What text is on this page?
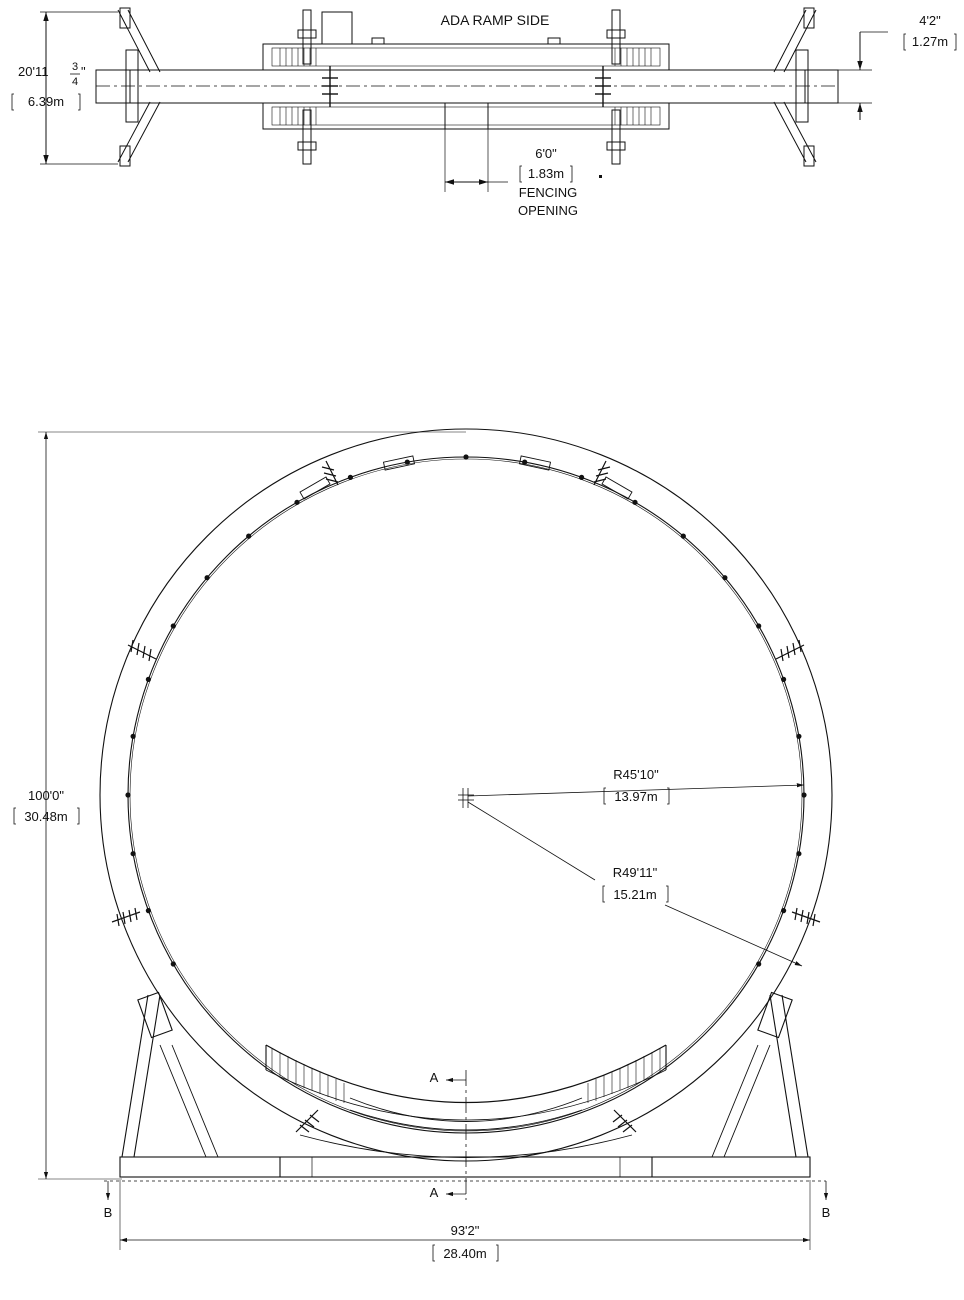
ADA RAMP SIDE
20'11 3
4
"
6.39m
4'2"
1.27m
6'0"
1.83m
FENCING
OPENING
100'0"
30.48m
R45'10"
13.97m
R49'11"
15.21m
93'2"
28.40m
A
A
B	B
